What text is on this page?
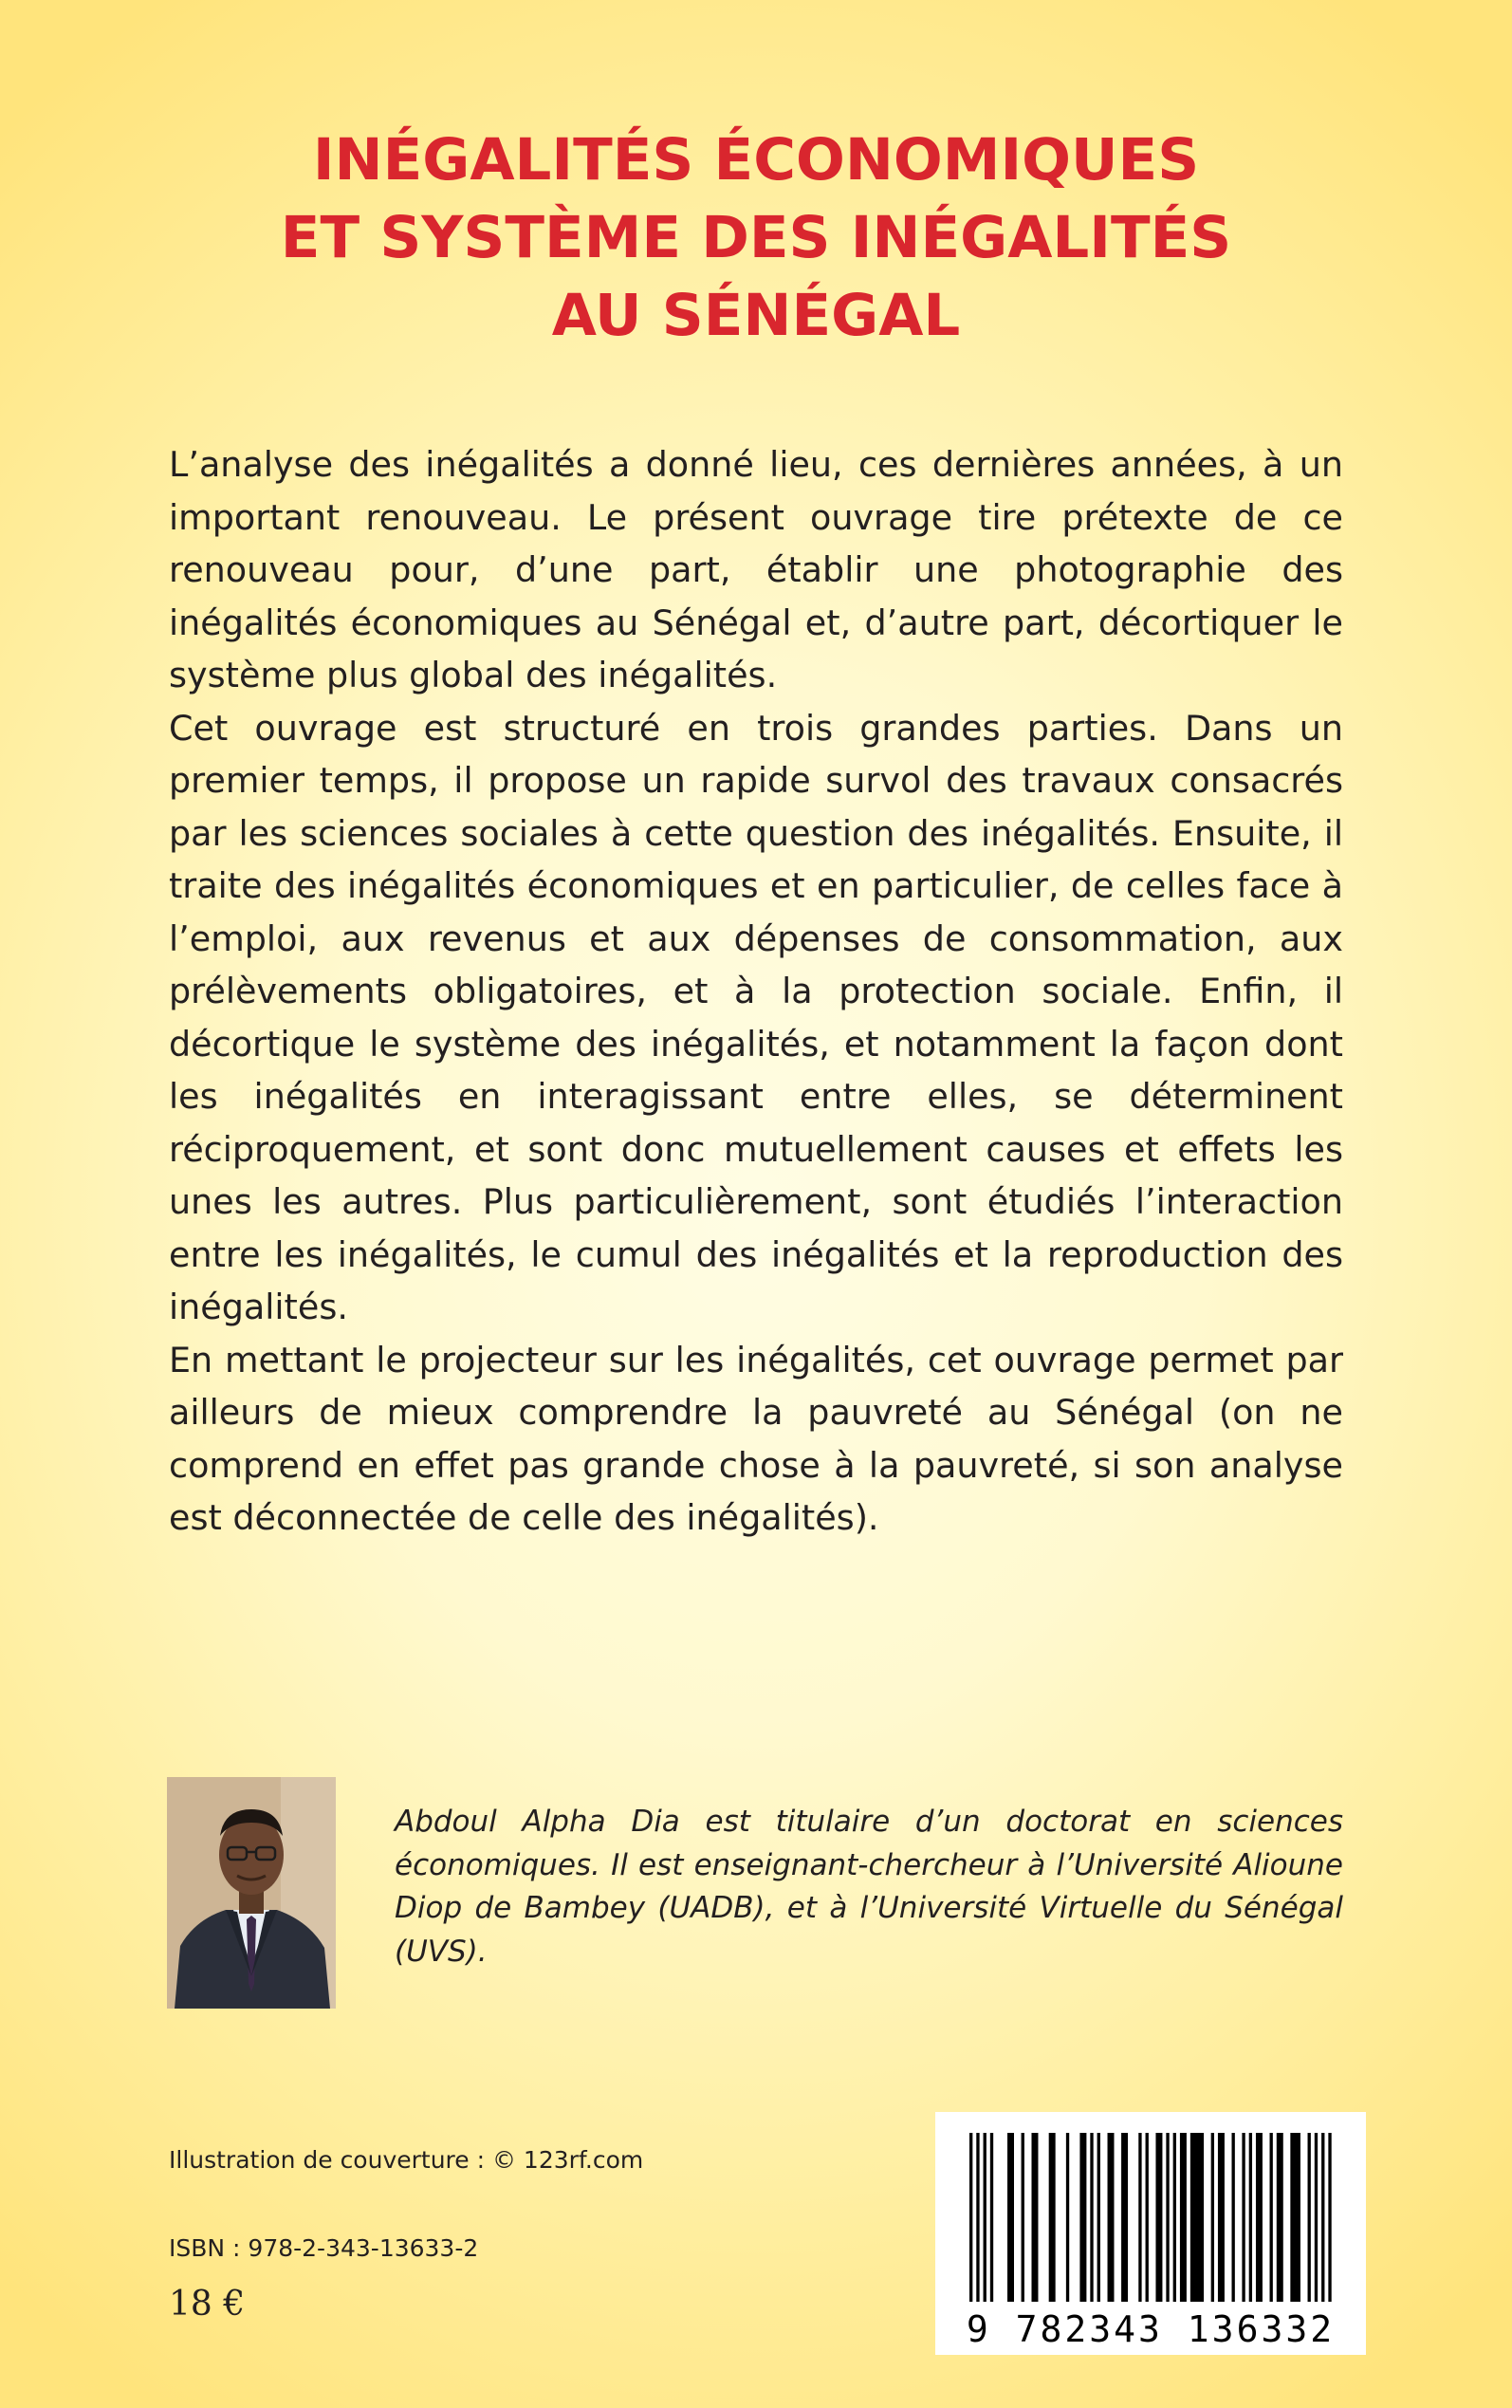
INÉGALITÉS ÉCONOMIQUES
ET SYSTÈME DES INÉGALITÉS
AU SÉNÉGAL

L’analyse des inégalités a donné lieu, ces dernières années, à un important renouveau. Le présent ouvrage tire prétexte de ce renouveau pour, d’une part, établir une photographie des inégalités économiques au Sénégal et, d’autre part, décortiquer le système plus global des inégalités.

Cet ouvrage est structuré en trois grandes parties. Dans un premier temps, il propose un rapide survol des travaux consacrés par les sciences sociales à cette question des inégalités. Ensuite, il traite des inégalités économiques et en particulier, de celles face à l’emploi, aux revenus et aux dépenses de consommation, aux prélèvements obligatoires, et à la protection sociale. Enfin, il décortique le système des inégalités, et notamment la façon dont les inégalités en interagissant entre elles, se déterminent réciproquement, et sont donc mutuellement causes et effets les unes les autres. Plus particulièrement, sont étudiés l’interaction entre les inégalités, le cumul des inégalités et la reproduction des inégalités.

En mettant le projecteur sur les inégalités, cet ouvrage permet par ailleurs de mieux comprendre la pauvreté au Sénégal (on ne comprend en effet pas grande chose à la pauvreté, si son analyse est déconnectée de celle des inégalités).

Abdoul Alpha Dia est titulaire d’un doctorat en sciences économiques. Il est enseignant-chercheur à l’Université Alioune Diop de Bambey (UADB), et à l’Université Virtuelle du Sénégal (UVS).

Illustration de couverture : © 123rf.com
ISBN : 978-2-343-13633-2
18 €
9 782343 136332
